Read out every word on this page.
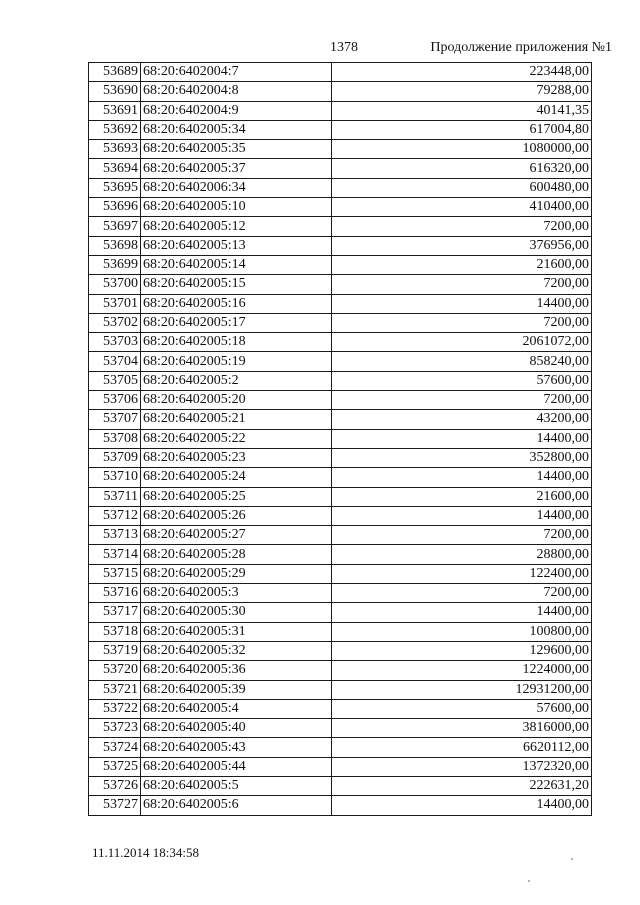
1378	Продолжение приложения №1
53689	68:20:6402004:7	223448,00
53690	68:20:6402004:8	79288,00
53691	68:20:6402004:9	40141,35
53692	68:20:6402005:34	617004,80
53693	68:20:6402005:35	1080000,00
53694	68:20:6402005:37	616320,00
53695	68:20:6402006:34	600480,00
53696	68:20:6402005:10	410400,00
53697	68:20:6402005:12	7200,00
53698	68:20:6402005:13	376956,00
53699	68:20:6402005:14	21600,00
53700	68:20:6402005:15	7200,00
53701	68:20:6402005:16	14400,00
53702	68:20:6402005:17	7200,00
53703	68:20:6402005:18	2061072,00
53704	68:20:6402005:19	858240,00
53705	68:20:6402005:2	57600,00
53706	68:20:6402005:20	7200,00
53707	68:20:6402005:21	43200,00
53708	68:20:6402005:22	14400,00
53709	68:20:6402005:23	352800,00
53710	68:20:6402005:24	14400,00
53711	68:20:6402005:25	21600,00
53712	68:20:6402005:26	14400,00
53713	68:20:6402005:27	7200,00
53714	68:20:6402005:28	28800,00
53715	68:20:6402005:29	122400,00
53716	68:20:6402005:3	7200,00
53717	68:20:6402005:30	14400,00
53718	68:20:6402005:31	100800,00
53719	68:20:6402005:32	129600,00
53720	68:20:6402005:36	1224000,00
53721	68:20:6402005:39	12931200,00
53722	68:20:6402005:4	57600,00
53723	68:20:6402005:40	3816000,00
53724	68:20:6402005:43	6620112,00
53725	68:20:6402005:44	1372320,00
53726	68:20:6402005:5	222631,20
53727	68:20:6402005:6	14400,00
11.11.2014 18:34:58
